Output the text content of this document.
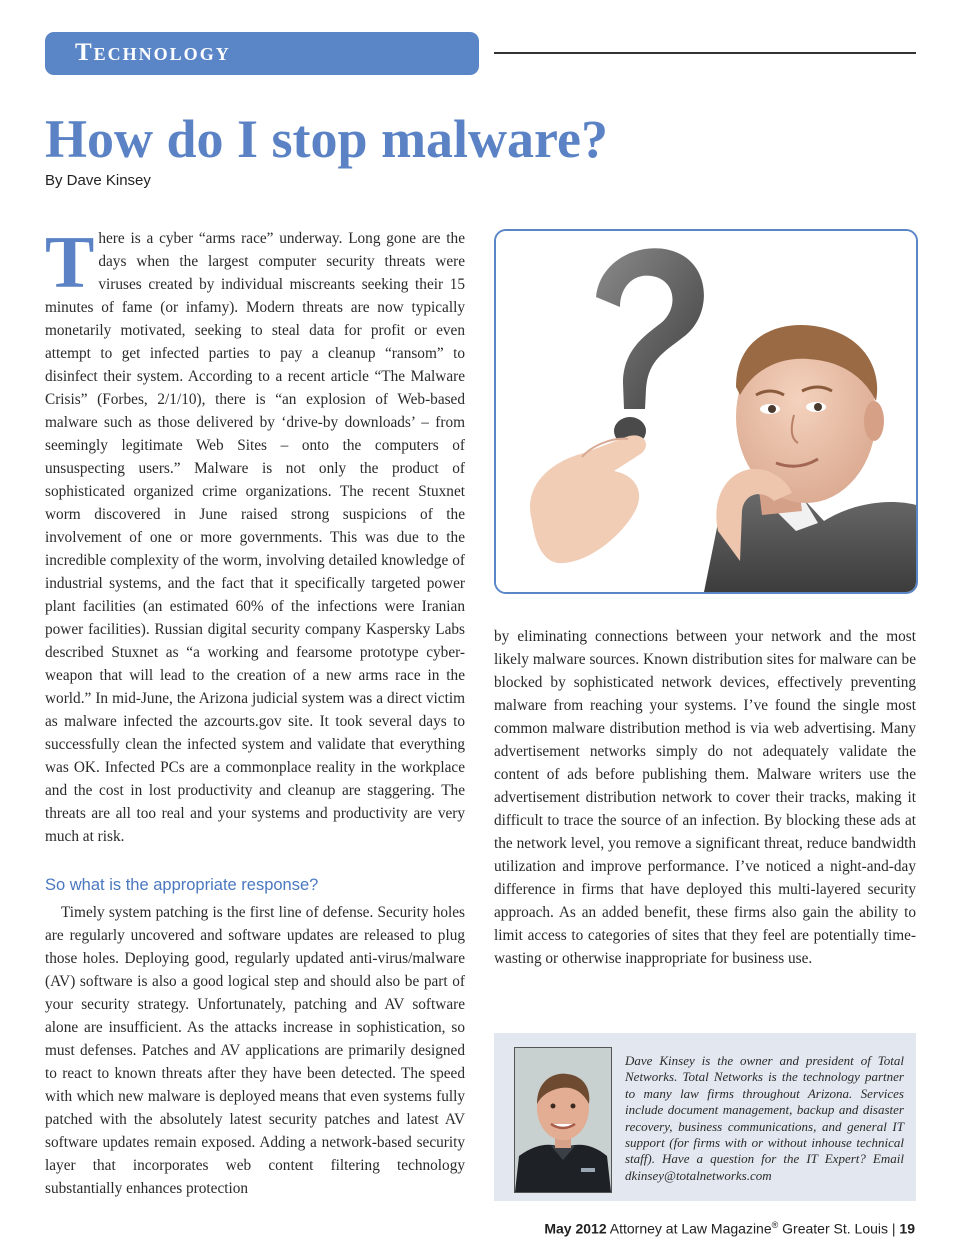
Technology
How do I stop malware?
By Dave Kinsey

There is a cyber “arms race” underway. Long gone are the days when the largest computer security threats were viruses created by individual miscreants seeking their 15 minutes of fame (or infamy). Modern threats are now typically monetarily motivated, seeking to steal data for profit or even attempt to get infected parties to pay a cleanup “ransom” to disinfect their system. According to a recent article “The Malware Crisis” (Forbes, 2/1/10), there is “an explosion of Web-based malware such as those delivered by ‘drive-by downloads’ – from seemingly legitimate Web Sites – onto the computers of unsuspecting users.” Malware is not only the product of sophisticated organized crime organizations. The recent Stuxnet worm discovered in June raised strong suspicions of the involvement of one or more governments. This was due to the incredible complexity of the worm, involving detailed knowledge of industrial systems, and the fact that it specifically targeted power plant facilities (an estimated 60% of the infections were Iranian power facilities). Russian digital security company Kaspersky Labs described Stuxnet as “a working and fearsome prototype cyber-weapon that will lead to the creation of a new arms race in the world.” In mid-June, the Arizona judicial system was a direct victim as malware infected the azcourts.gov site. It took several days to successfully clean the infected system and validate that everything was OK. Infected PCs are a commonplace reality in the workplace and the cost in lost productivity and cleanup are staggering. The threats are all too real and your systems and productivity are very much at risk.

So what is the appropriate response?

Timely system patching is the first line of defense. Security holes are regularly uncovered and software updates are released to plug those holes. Deploying good, regularly updated anti-virus/malware (AV) software is also a good logical step and should also be part of your security strategy. Unfortunately, patching and AV software alone are insufficient. As the attacks increase in sophistication, so must defenses. Patches and AV applications are primarily designed to react to known threats after they have been detected. The speed with which new malware is deployed means that even systems fully patched with the absolutely latest security patches and latest AV software updates remain exposed. Adding a network-based security layer that incorporates web content filtering technology substantially enhances protection

by eliminating connections between your network and the most likely malware sources. Known distribution sites for malware can be blocked by sophisticated network devices, effectively preventing malware from reaching your systems. I’ve found the single most common malware distribution method is via web advertising. Many advertisement networks simply do not adequately validate the content of ads before publishing them. Malware writers use the advertisement distribution network to cover their tracks, making it difficult to trace the source of an infection. By blocking these ads at the network level, you remove a significant threat, reduce bandwidth utilization and improve performance. I’ve noticed a night-and-day difference in firms that have deployed this multi-layered security approach. As an added benefit, these firms also gain the ability to limit access to categories of sites that they feel are potentially time-wasting or otherwise inappropriate for business use.

Dave Kinsey is the owner and president of Total Networks. Total Networks is the technology partner to many law firms throughout Arizona. Services include document management, backup and disaster recovery, business communications, and general IT support (for firms with or without inhouse technical staff). Have a question for the IT Expert? Email dkinsey@totalnetworks.com
May 2012 Attorney at Law Magazine® Greater St. Louis | 19
